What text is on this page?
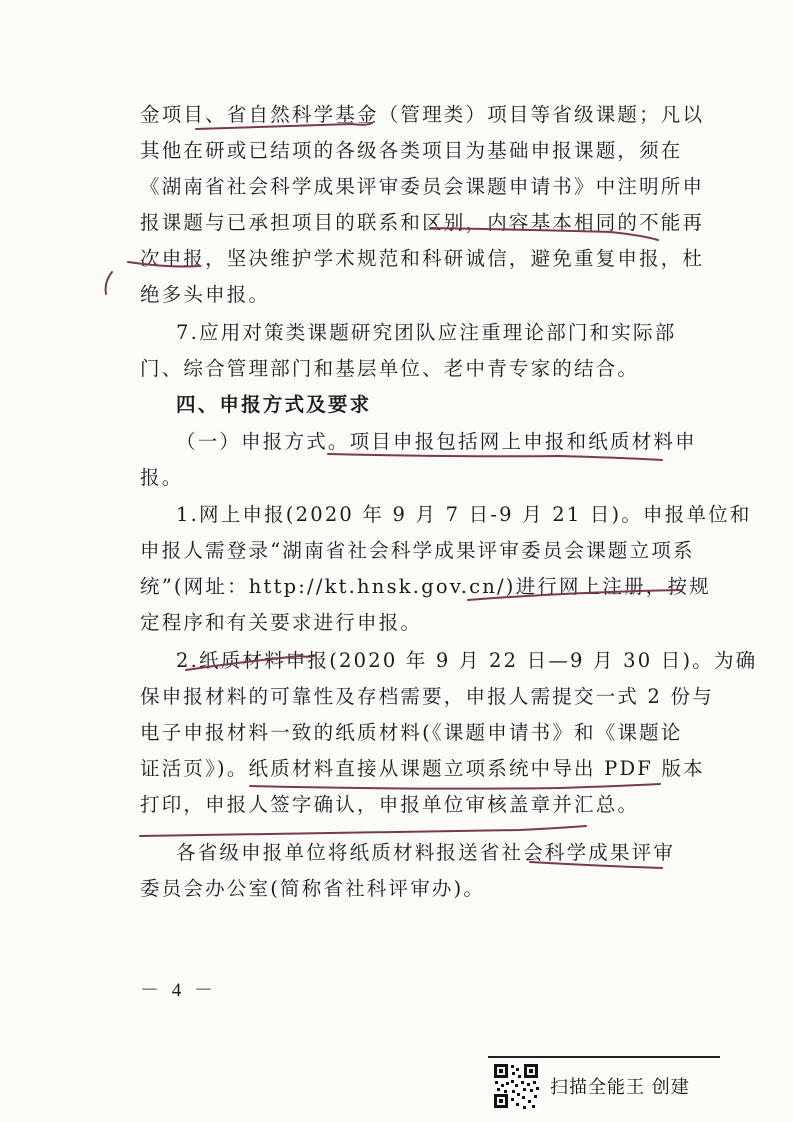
金项目、省自然科学基金（管理类）项目等省级课题；凡以
其他在研或已结项的各级各类项目为基础申报课题，须在
《湖南省社会科学成果评审委员会课题申请书》中注明所申
报课题与已承担项目的联系和区别，内容基本相同的不能再
次申报，坚决维护学术规范和科研诚信，避免重复申报，杜
绝多头申报。
7.应用对策类课题研究团队应注重理论部门和实际部
门、综合管理部门和基层单位、老中青专家的结合。
四、申报方式及要求
（一）申报方式。项目申报包括网上申报和纸质材料申
报。
1.网上申报(2020 年 9 月 7 日-9 月 21 日)。申报单位和
申报人需登录“湖南省社会科学成果评审委员会课题立项系
统”(网址：http://kt.hnsk.gov.cn/)进行网上注册，按规
定程序和有关要求进行申报。
2.纸质材料申报(2020 年 9 月 22 日—9 月 30 日)。为确
保申报材料的可靠性及存档需要，申报人需提交一式 2 份与
电子申报材料一致的纸质材料(《课题申请书》和《课题论
证活页》)。纸质材料直接从课题立项系统中导出 PDF 版本
打印，申报人签字确认，申报单位审核盖章并汇总。
各省级申报单位将纸质材料报送省社会科学成果评审
委员会办公室(简称省社科评审办)。
－ 4 －
扫描全能王 创建
